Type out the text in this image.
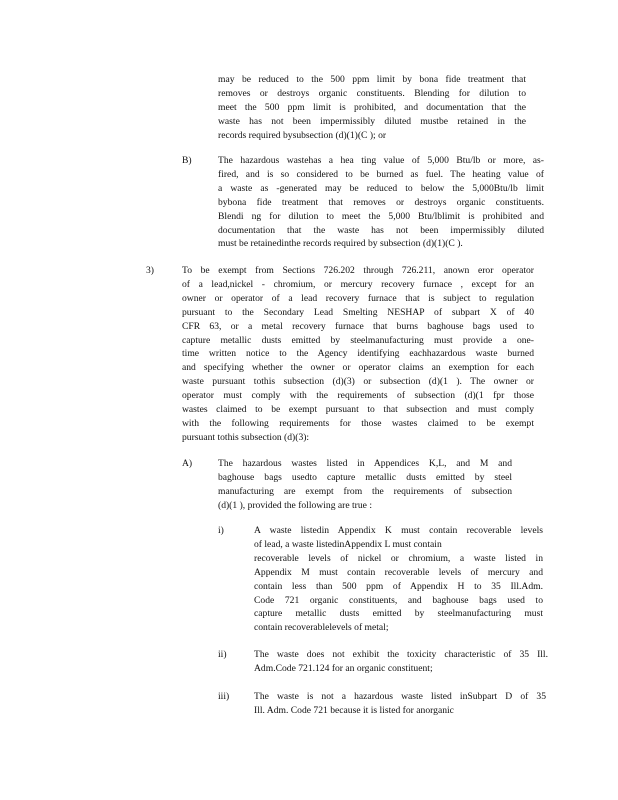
may be reduced to the 500 ppm limit by bona fide treatment that
removes or destroys organic constituents. Blending for dilution to
meet the 500 ppm limit is prohibited, and documentation that the
waste has not been impermissibly diluted mustbe retained in the
records required bysubsection (d)(1)(C ); or
B)	The hazardous wastehas a hea ting value of 5,000 Btu/lb or more, as-
fired, and is so considered to be burned as fuel. The heating value of
a waste as -generated may be reduced to below the 5,000Btu/lb limit
bybona fide treatment that removes or destroys organic constituents.
Blendi ng for dilution to meet the 5,000 Btu/lblimit is prohibited and
documentation that the waste has not been impermissibly diluted
must be retainedinthe records required by subsection (d)(1)(C ).
3)	To be exempt from Sections 726.202 through 726.211, anown eror operator
of a lead,nickel - chromium, or mercury recovery furnace , except for an
owner or operator of a lead recovery furnace that is subject to regulation
pursuant to the Secondary Lead Smelting NESHAP of subpart X of 40
CFR 63, or a metal recovery furnace that burns baghouse bags used to
capture metallic dusts emitted by steelmanufacturing must provide a one-
time written notice to the Agency identifying eachhazardous waste burned
and specifying whether the owner or operator claims an exemption for each
waste pursuant tothis subsection (d)(3) or subsection (d)(1 ). The owner or
operator must comply with the requirements of subsection (d)(1 fpr those
wastes claimed to be exempt pursuant to that subsection and must comply
with the following requirements for those wastes claimed to be exempt
pursuant tothis subsection (d)(3):
A)	The hazardous wastes listed in Appendices K,L, and M and
baghouse bags usedto capture metallic dusts emitted by steel
manufacturing are exempt from the requirements of subsection
(d)(1 ), provided the following are true :
i)	A waste listedin Appendix K must contain recoverable levels
of lead, a waste listedinAppendix L must contain
recoverable levels of nickel or chromium, a waste listed in
Appendix M must contain recoverable levels of mercury and
contain less than 500 ppm of Appendix H to 35 Ill.Adm.
Code 721 organic constituents, and baghouse bags used to
capture metallic dusts emitted by steelmanufacturing must
contain recoverablelevels of metal;
ii)	The waste does not exhibit the toxicity characteristic of 35 Ill.
Adm.Code 721.124 for an organic constituent;
iii)	The waste is not a hazardous waste listed inSubpart D of 35
Ill. Adm. Code 721 because it is listed for anorganic
